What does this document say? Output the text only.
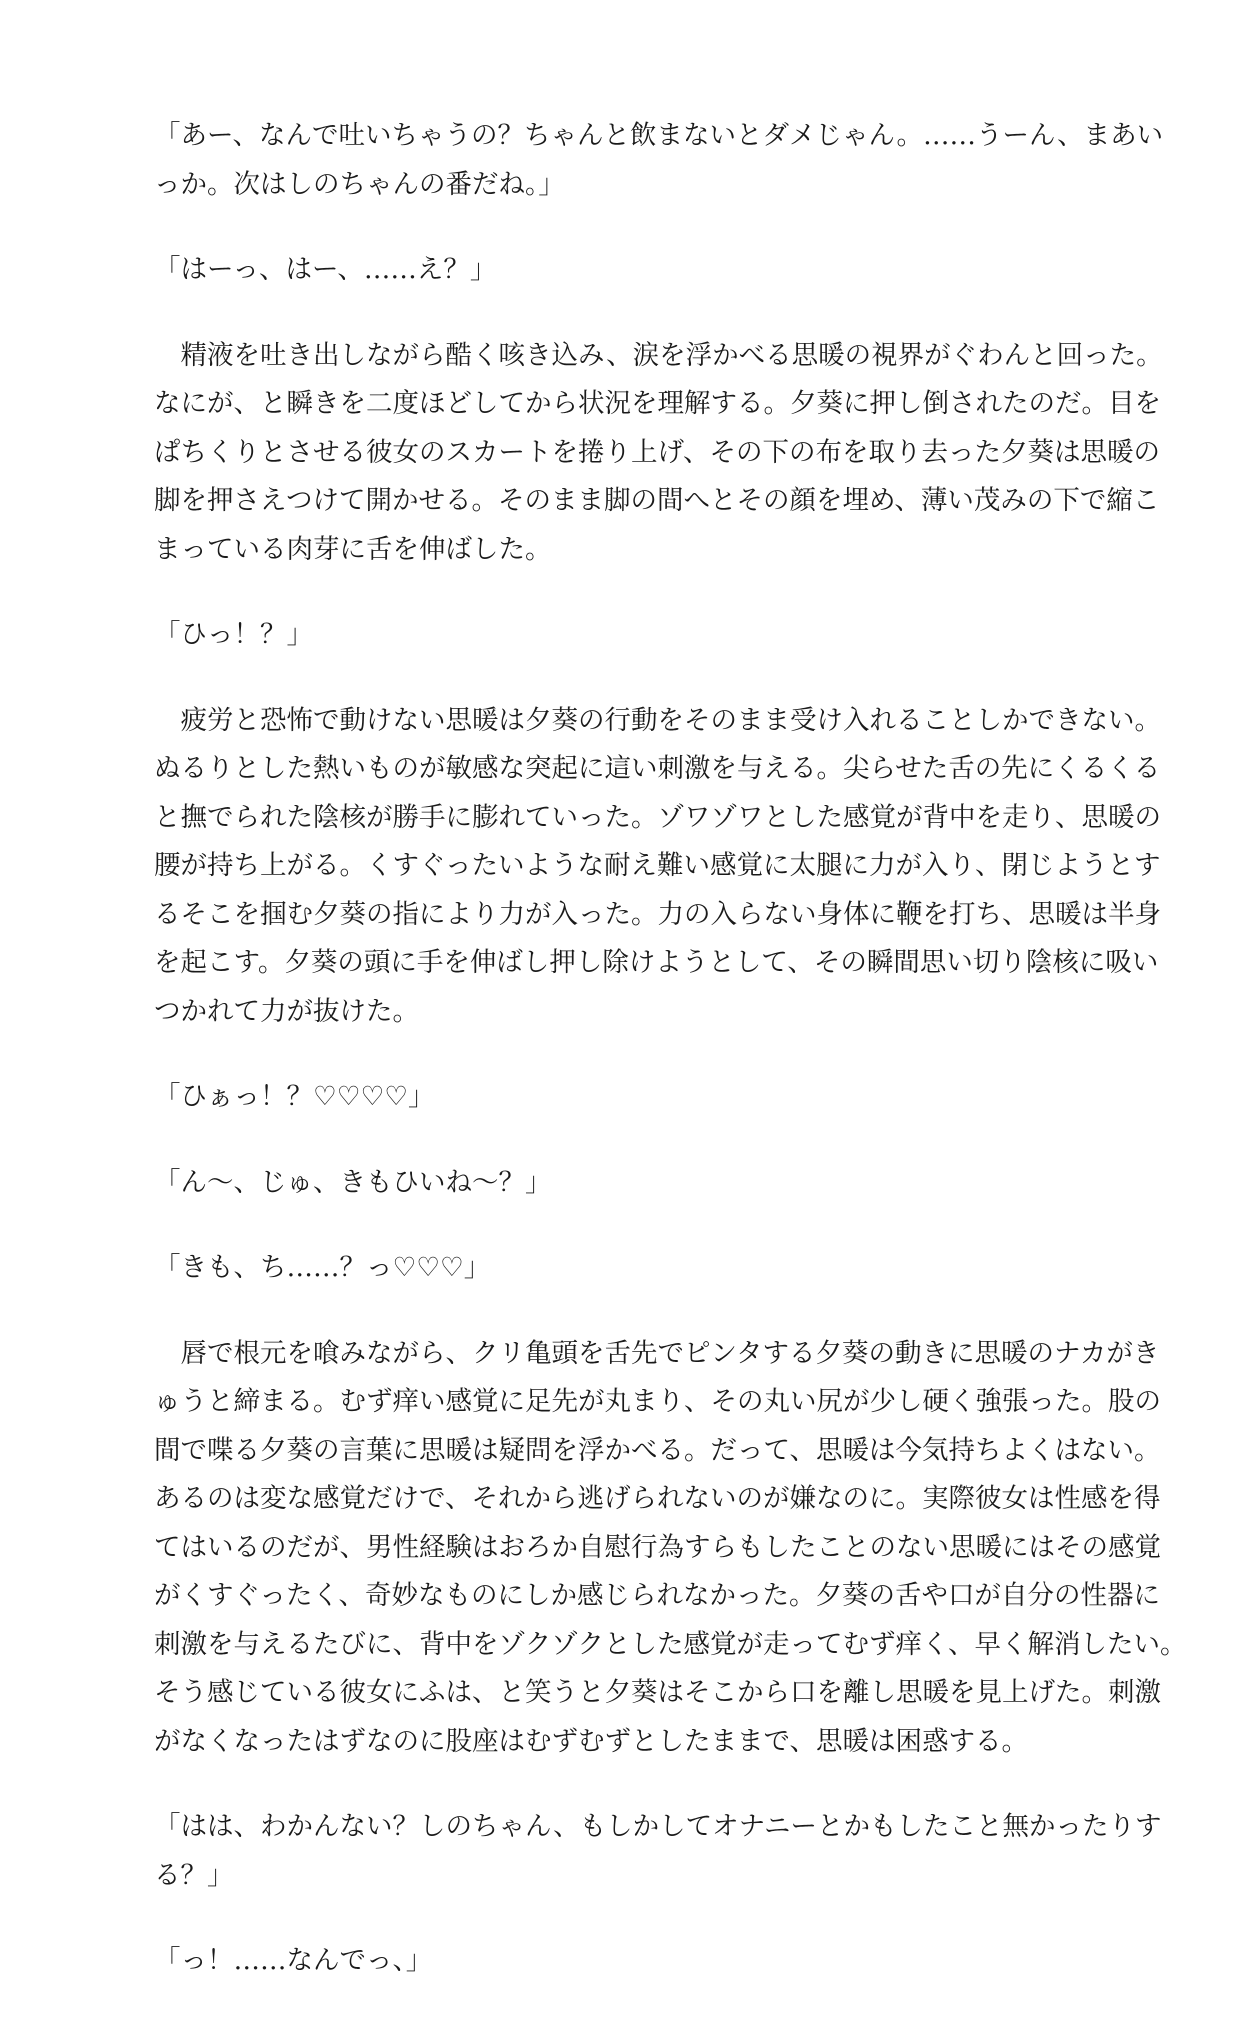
「あー、なんで吐いちゃうの？ちゃんと飲まないとダメじゃん。……うーん、まあい
っか。次はしのちゃんの番だね。」
「はーっ、はー、……え？」
　精液を吐き出しながら酷く咳き込み、涙を浮かべる思暖の視界がぐわんと回った。
なにが、と瞬きを二度ほどしてから状況を理解する。夕葵に押し倒されたのだ。目を
ぱちくりとさせる彼女のスカートを捲り上げ、その下の布を取り去った夕葵は思暖の
脚を押さえつけて開かせる。そのまま脚の間へとその顔を埋め、薄い茂みの下で縮こ
まっている肉芽に舌を伸ばした。
「ひっ！？」
　疲労と恐怖で動けない思暖は夕葵の行動をそのまま受け入れることしかできない。
ぬるりとした熱いものが敏感な突起に這い刺激を与える。尖らせた舌の先にくるくる
と撫でられた陰核が勝手に膨れていった。ゾワゾワとした感覚が背中を走り、思暖の
腰が持ち上がる。くすぐったいような耐え難い感覚に太腿に力が入り、閉じようとす
るそこを掴む夕葵の指により力が入った。力の入らない身体に鞭を打ち、思暖は半身
を起こす。夕葵の頭に手を伸ばし押し除けようとして、その瞬間思い切り陰核に吸い
つかれて力が抜けた。
「ひぁっ！？♡♡♡♡」
「ん〜、じゅ、きもひいね〜？」
「きも、ち……？っ♡♡♡」
　唇で根元を喰みながら、クリ亀頭を舌先でピンタする夕葵の動きに思暖のナカがき
ゅうと締まる。むず痒い感覚に足先が丸まり、その丸い尻が少し硬く強張った。股の
間で喋る夕葵の言葉に思暖は疑問を浮かべる。だって、思暖は今気持ちよくはない。
あるのは変な感覚だけで、それから逃げられないのが嫌なのに。実際彼女は性感を得
てはいるのだが、男性経験はおろか自慰行為すらもしたことのない思暖にはその感覚
がくすぐったく、奇妙なものにしか感じられなかった。夕葵の舌や口が自分の性器に
刺激を与えるたびに、背中をゾクゾクとした感覚が走ってむず痒く、早く解消したい。
そう感じている彼女にふは、と笑うと夕葵はそこから口を離し思暖を見上げた。刺激
がなくなったはずなのに股座はむずむずとしたままで、思暖は困惑する。
「はは、わかんない？しのちゃん、もしかしてオナニーとかもしたこと無かったりす
る？」
「っ！……なんでっ、」
